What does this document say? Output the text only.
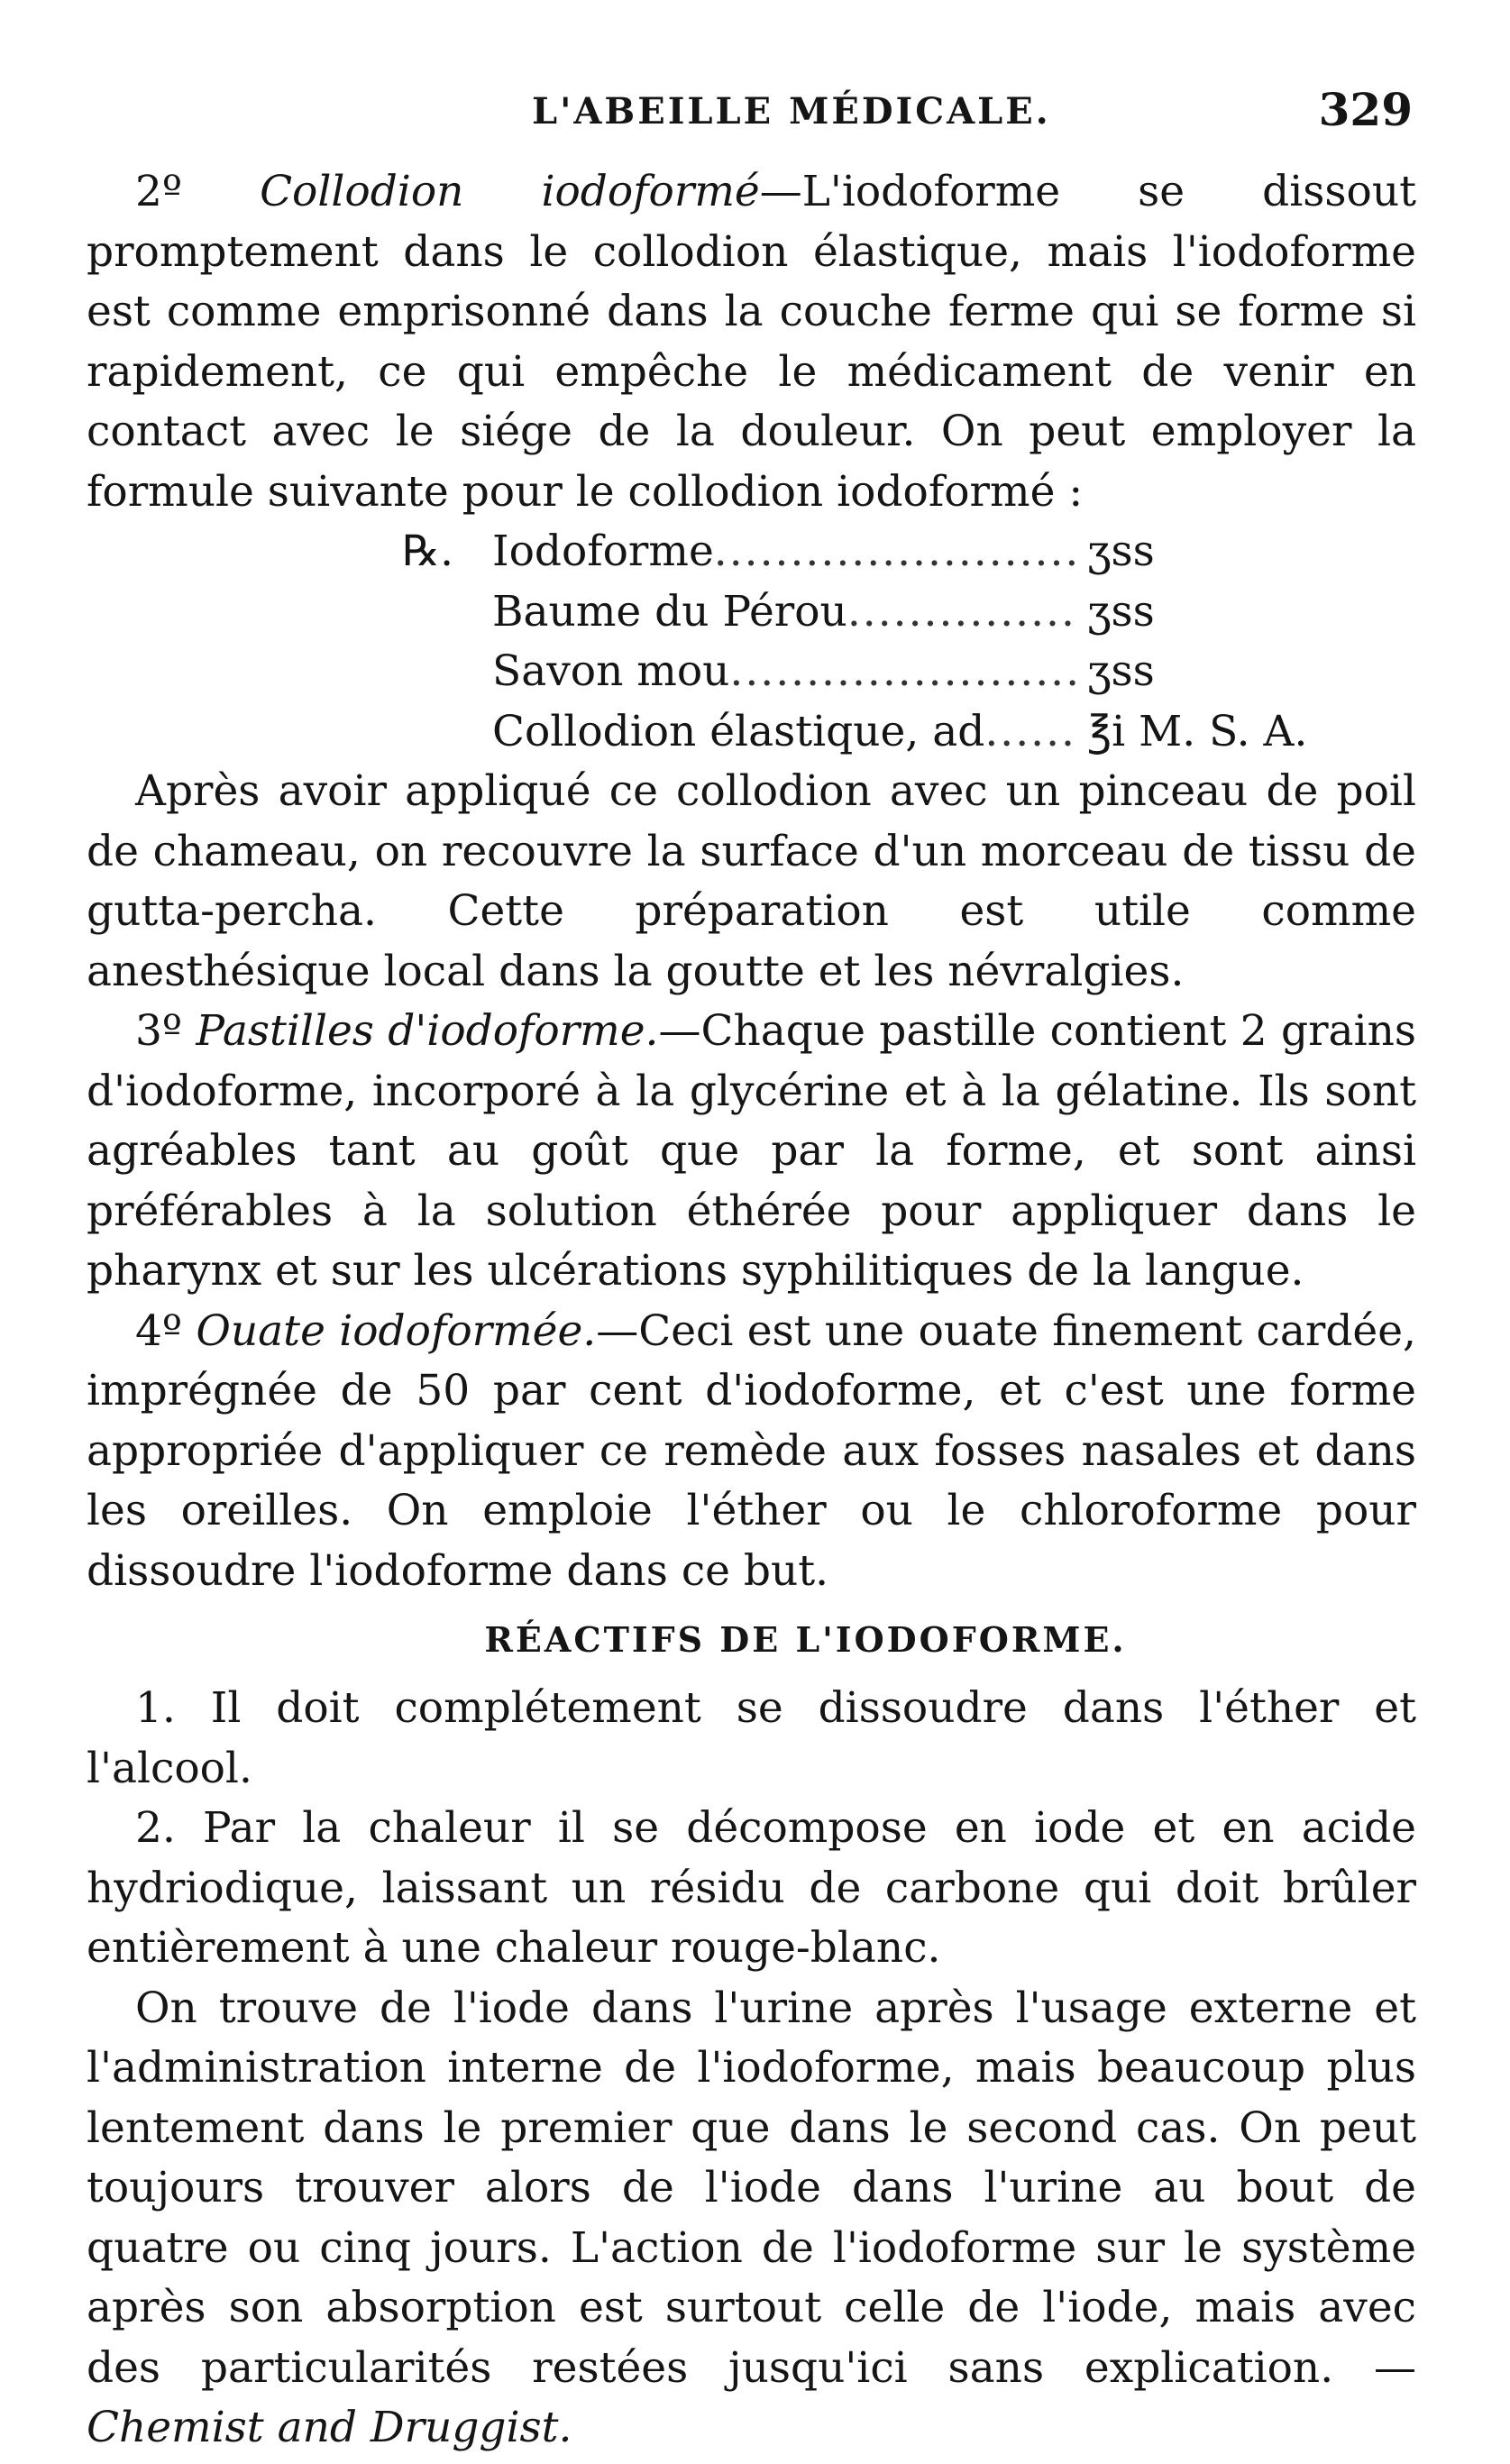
L'ABEILLE MÉDICALE.	329

2º Collodion iodoformé—L'iodoforme se dissout promptement dans le collodion élastique, mais l'iodoforme est comme emprisonné dans la couche ferme qui se forme si rapidement, ce qui empêche le médicament de venir en contact avec le siége de la douleur. On peut employer la formule suivante pour le collodion iodoformé :

℞. Iodoforme .....	ʒss
Baume du Pérou .....	ʒss
Savon mou .....	ʒss
Collodion élastique, ad ..... ℥i M. S. A.

Après avoir appliqué ce collodion avec un pinceau de poil de chameau, on recouvre la surface d'un morceau de tissu de gutta-percha. Cette préparation est utile comme anesthésique local dans la goutte et les névralgies.

3º Pastilles d'iodoforme.—Chaque pastille contient 2 grains d'iodoforme, incorporé à la glycérine et à la gélatine. Ils sont agréables tant au goût que par la forme, et sont ainsi préférables à la solution éthérée pour appliquer dans le pharynx et sur les ulcérations syphilitiques de la langue.

4º Ouate iodoformée.—Ceci est une ouate finement cardée, imprégnée de 50 par cent d'iodoforme, et c'est une forme appropriée d'appliquer ce remède aux fosses nasales et dans les oreilles. On emploie l'éther ou le chloroforme pour dissoudre l'iodoforme dans ce but.

RÉACTIFS DE L'IODOFORME.

1. Il doit complétement se dissoudre dans l'éther et l'alcool.

2. Par la chaleur il se décompose en iode et en acide hydriodique, laissant un résidu de carbone qui doit brûler entièrement à une chaleur rouge-blanc.

On trouve de l'iode dans l'urine après l'usage externe et l'administration interne de l'iodoforme, mais beaucoup plus lentement dans le premier que dans le second cas. On peut toujours trouver alors de l'iode dans l'urine au bout de quatre ou cinq jours. L'action de l'iodoforme sur le système après son absorption est surtout celle de l'iode, mais avec des particularités restées jusqu'ici sans explication. — Chemist and Druggist.
